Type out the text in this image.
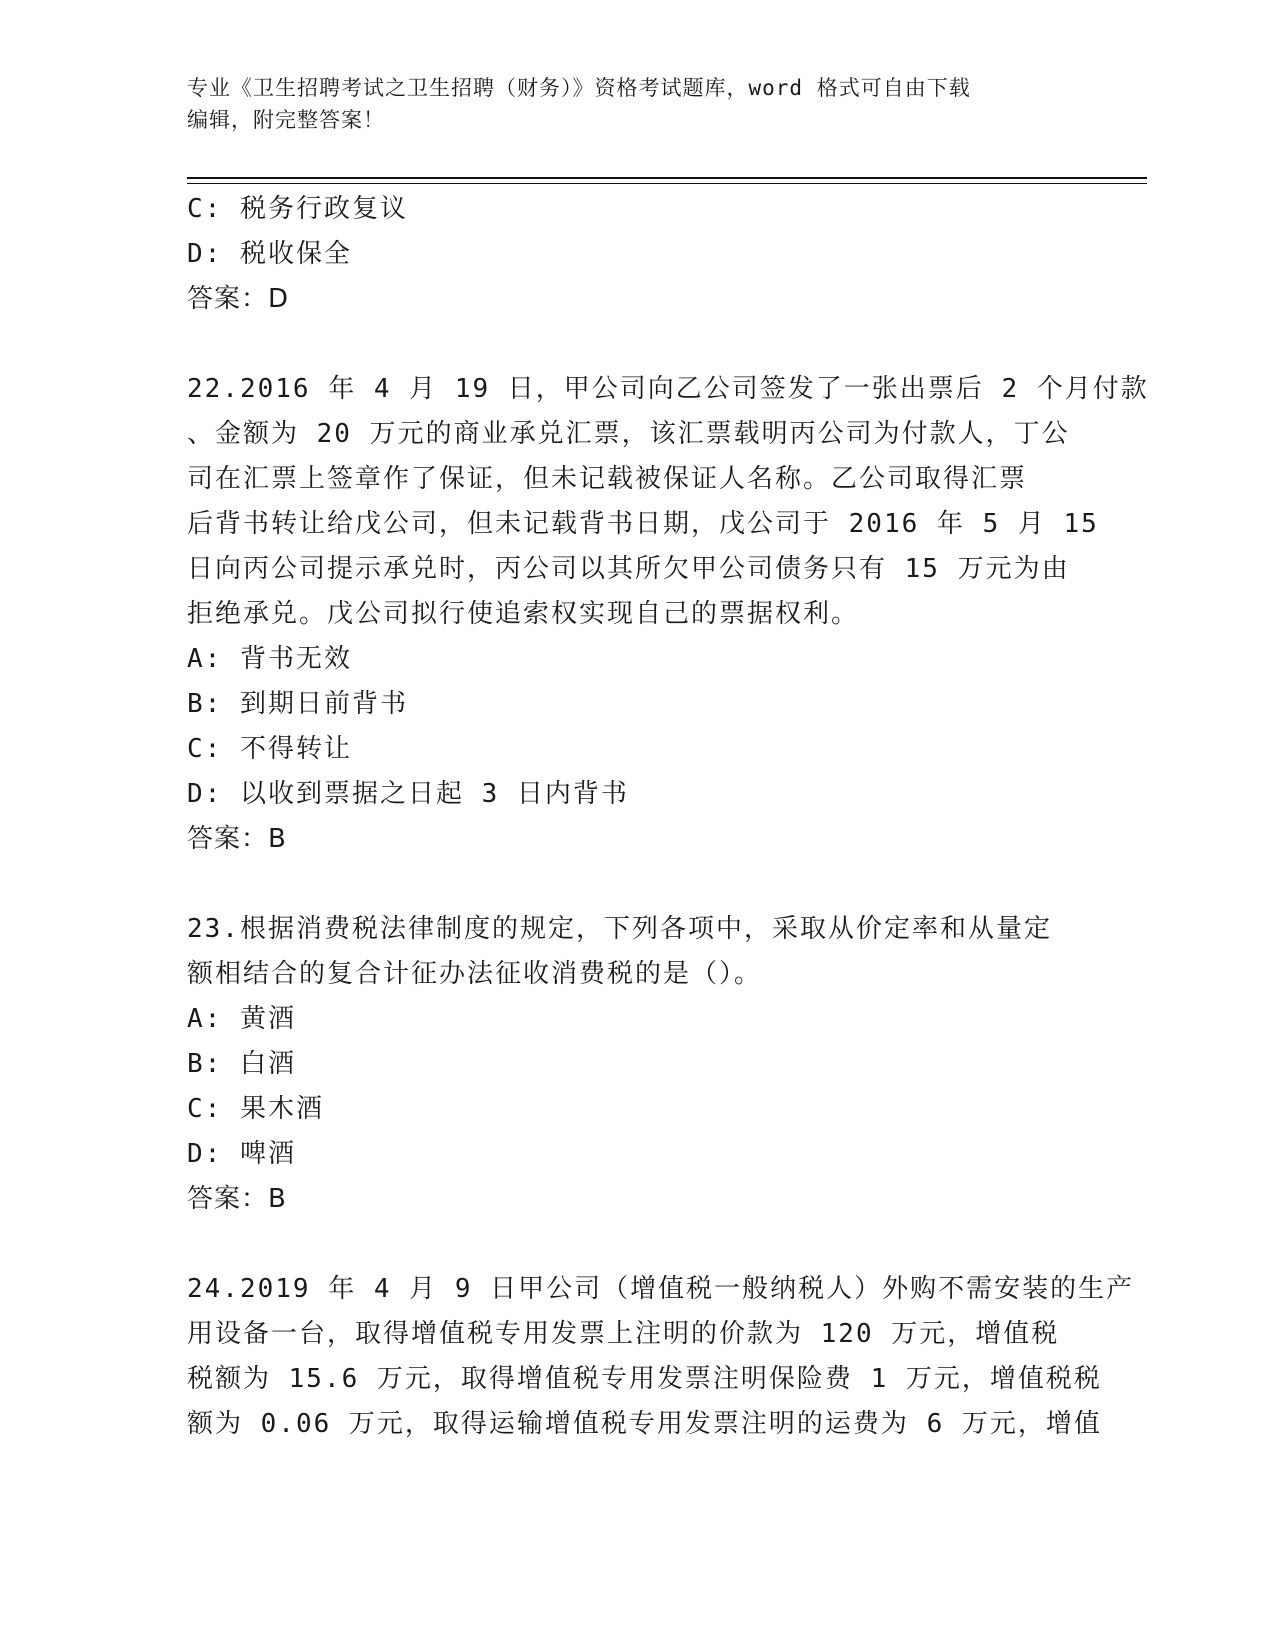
专业《卫生招聘考试之卫生招聘（财务）》资格考试题库，word 格式可自由下载
编辑，附完整答案！
C: 税务行政复议
D: 税收保全
答案：D
22.2016 年 4 月 19 日，甲公司向乙公司签发了一张出票后 2 个月付款
、金额为 20 万元的商业承兑汇票，该汇票载明丙公司为付款人，丁公
司在汇票上签章作了保证，但未记载被保证人名称。乙公司取得汇票
后背书转让给戊公司，但未记载背书日期，戊公司于 2016 年 5 月 15
日向丙公司提示承兑时，丙公司以其所欠甲公司债务只有 15 万元为由
拒绝承兑。戊公司拟行使追索权实现自己的票据权利。
A: 背书无效
B: 到期日前背书
C: 不得转让
D: 以收到票据之日起 3 日内背书
答案：B
23.根据消费税法律制度的规定，下列各项中，采取从价定率和从量定
额相结合的复合计征办法征收消费税的是（）。
A: 黄酒
B: 白酒
C: 果木酒
D: 啤酒
答案：B
24.2019 年 4 月 9 日甲公司（增值税一般纳税人）外购不需安装的生产
用设备一台，取得增值税专用发票上注明的价款为 120 万元，增值税
税额为 15.6 万元，取得增值税专用发票注明保险费 1 万元，增值税税
额为 0.06 万元，取得运输增值税专用发票注明的运费为 6 万元，增值
